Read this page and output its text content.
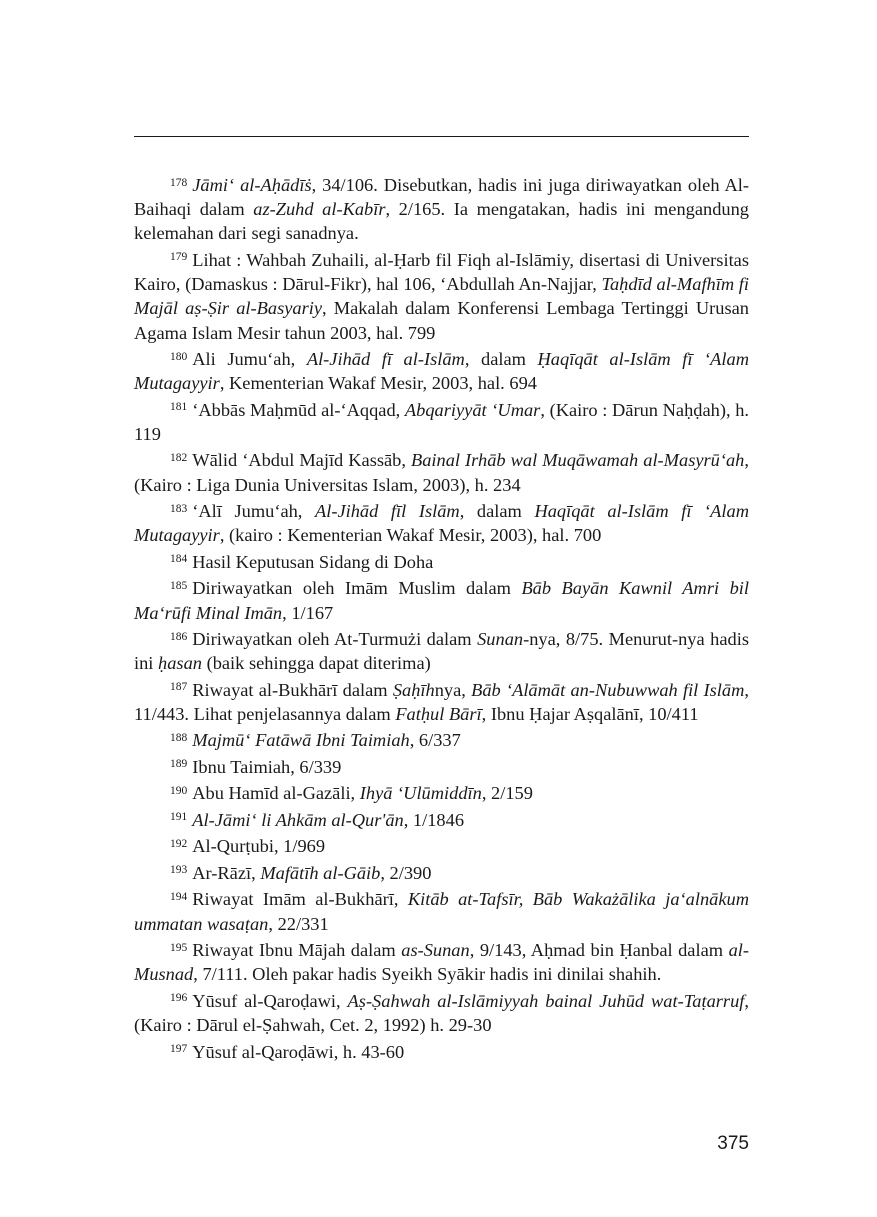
$^{178}$ Jāmi‘ al-Aḥādīṡ, 34/106. Disebutkan, hadis ini juga diriwayatkan oleh Al-Baihaqi dalam az-Zuhd al-Kabīr, 2/165. Ia mengatakan, hadis ini mengandung kelemahan dari segi sanadnya.

$^{179}$ Lihat : Wahbah Zuhaili, al-Ḥarb fil Fiqh al-Islāmiy, disertasi di Universitas Kairo, (Damaskus : Dārul-Fikr), hal 106, ‘Abdullah An-Najjar, Taḥdīd al-Mafhīm fi Majāl aṣ-Ṣir al-Basyariy, Makalah dalam Konferensi Lembaga Tertinggi Urusan Agama Islam Mesir tahun 2003, hal. 799

$^{180}$ Ali Jumu‘ah, Al-Jihād fī al-Islām, dalam Ḥaqīqāt al-Islām fī ‘Alam Mutagayyir, Kementerian Wakaf Mesir, 2003, hal. 694

$^{181}$ ‘Abbās Maḥmūd al-‘Aqqad, Abqariyyāt ‘Umar, (Kairo : Dārun Naḥḍah), h. 119

$^{182}$ Wālid ‘Abdul Majīd Kassāb, Bainal Irhāb wal Muqāwamah al-Masyrū‘ah, (Kairo : Liga Dunia Universitas Islam, 2003), h. 234

$^{183}$ ‘Alī Jumu‘ah, Al-Jihād fīl Islām, dalam Haqīqāt al-Islām fī ‘Alam Mutagayyir, (kairo : Kementerian Wakaf Mesir, 2003), hal. 700

$^{184}$ Hasil Keputusan Sidang di Doha

$^{185}$ Diriwayatkan oleh Imām Muslim dalam Bāb Bayān Kawnil Amri bil Ma‘rūfi Minal Imān, 1/167

$^{186}$ Diriwayatkan oleh At-Turmużi dalam Sunan-nya, 8/75. Menurut-nya hadis ini ḥasan (baik sehingga dapat diterima)

$^{187}$ Riwayat al-Bukhārī dalam Ṣaḥīhnya, Bāb ‘Alāmāt an-Nubuwwah fil Islām, 11/443. Lihat penjelasannya dalam Fatḥul Bārī, Ibnu Ḥajar Aṣqalānī, 10/411

$^{188}$ Majmū‘ Fatāwā Ibni Taimiah, 6/337

$^{189}$ Ibnu Taimiah, 6/339

$^{190}$ Abu Hamīd al-Gazāli, Ihyā ‘Ulūmiddīn, 2/159

$^{191}$ Al-Jāmi‘ li Ahkām al-Qur'ān, 1/1846

$^{192}$ Al-Qurṭubi, 1/969

$^{193}$ Ar-Rāzī, Mafātīh al-Gāib, 2/390

$^{194}$ Riwayat Imām al-Bukhārī, Kitāb at-Tafsīr, Bāb Wakażālika ja‘alnākum ummatan wasaṭan, 22/331

$^{195}$ Riwayat Ibnu Mājah dalam as-Sunan, 9/143, Aḥmad bin Ḥanbal dalam al-Musnad, 7/111. Oleh pakar hadis Syeikh Syākir hadis ini dinilai shahih.

$^{196}$ Yūsuf al-Qaroḍawi, Aṣ-Ṣahwah al-Islāmiyyah bainal Juhūd wat-Taṭarruf, (Kairo : Dārul el-Ṣahwah, Cet. 2, 1992) h. 29-30

$^{197}$ Yūsuf al-Qaroḍāwi, h. 43-60

375
